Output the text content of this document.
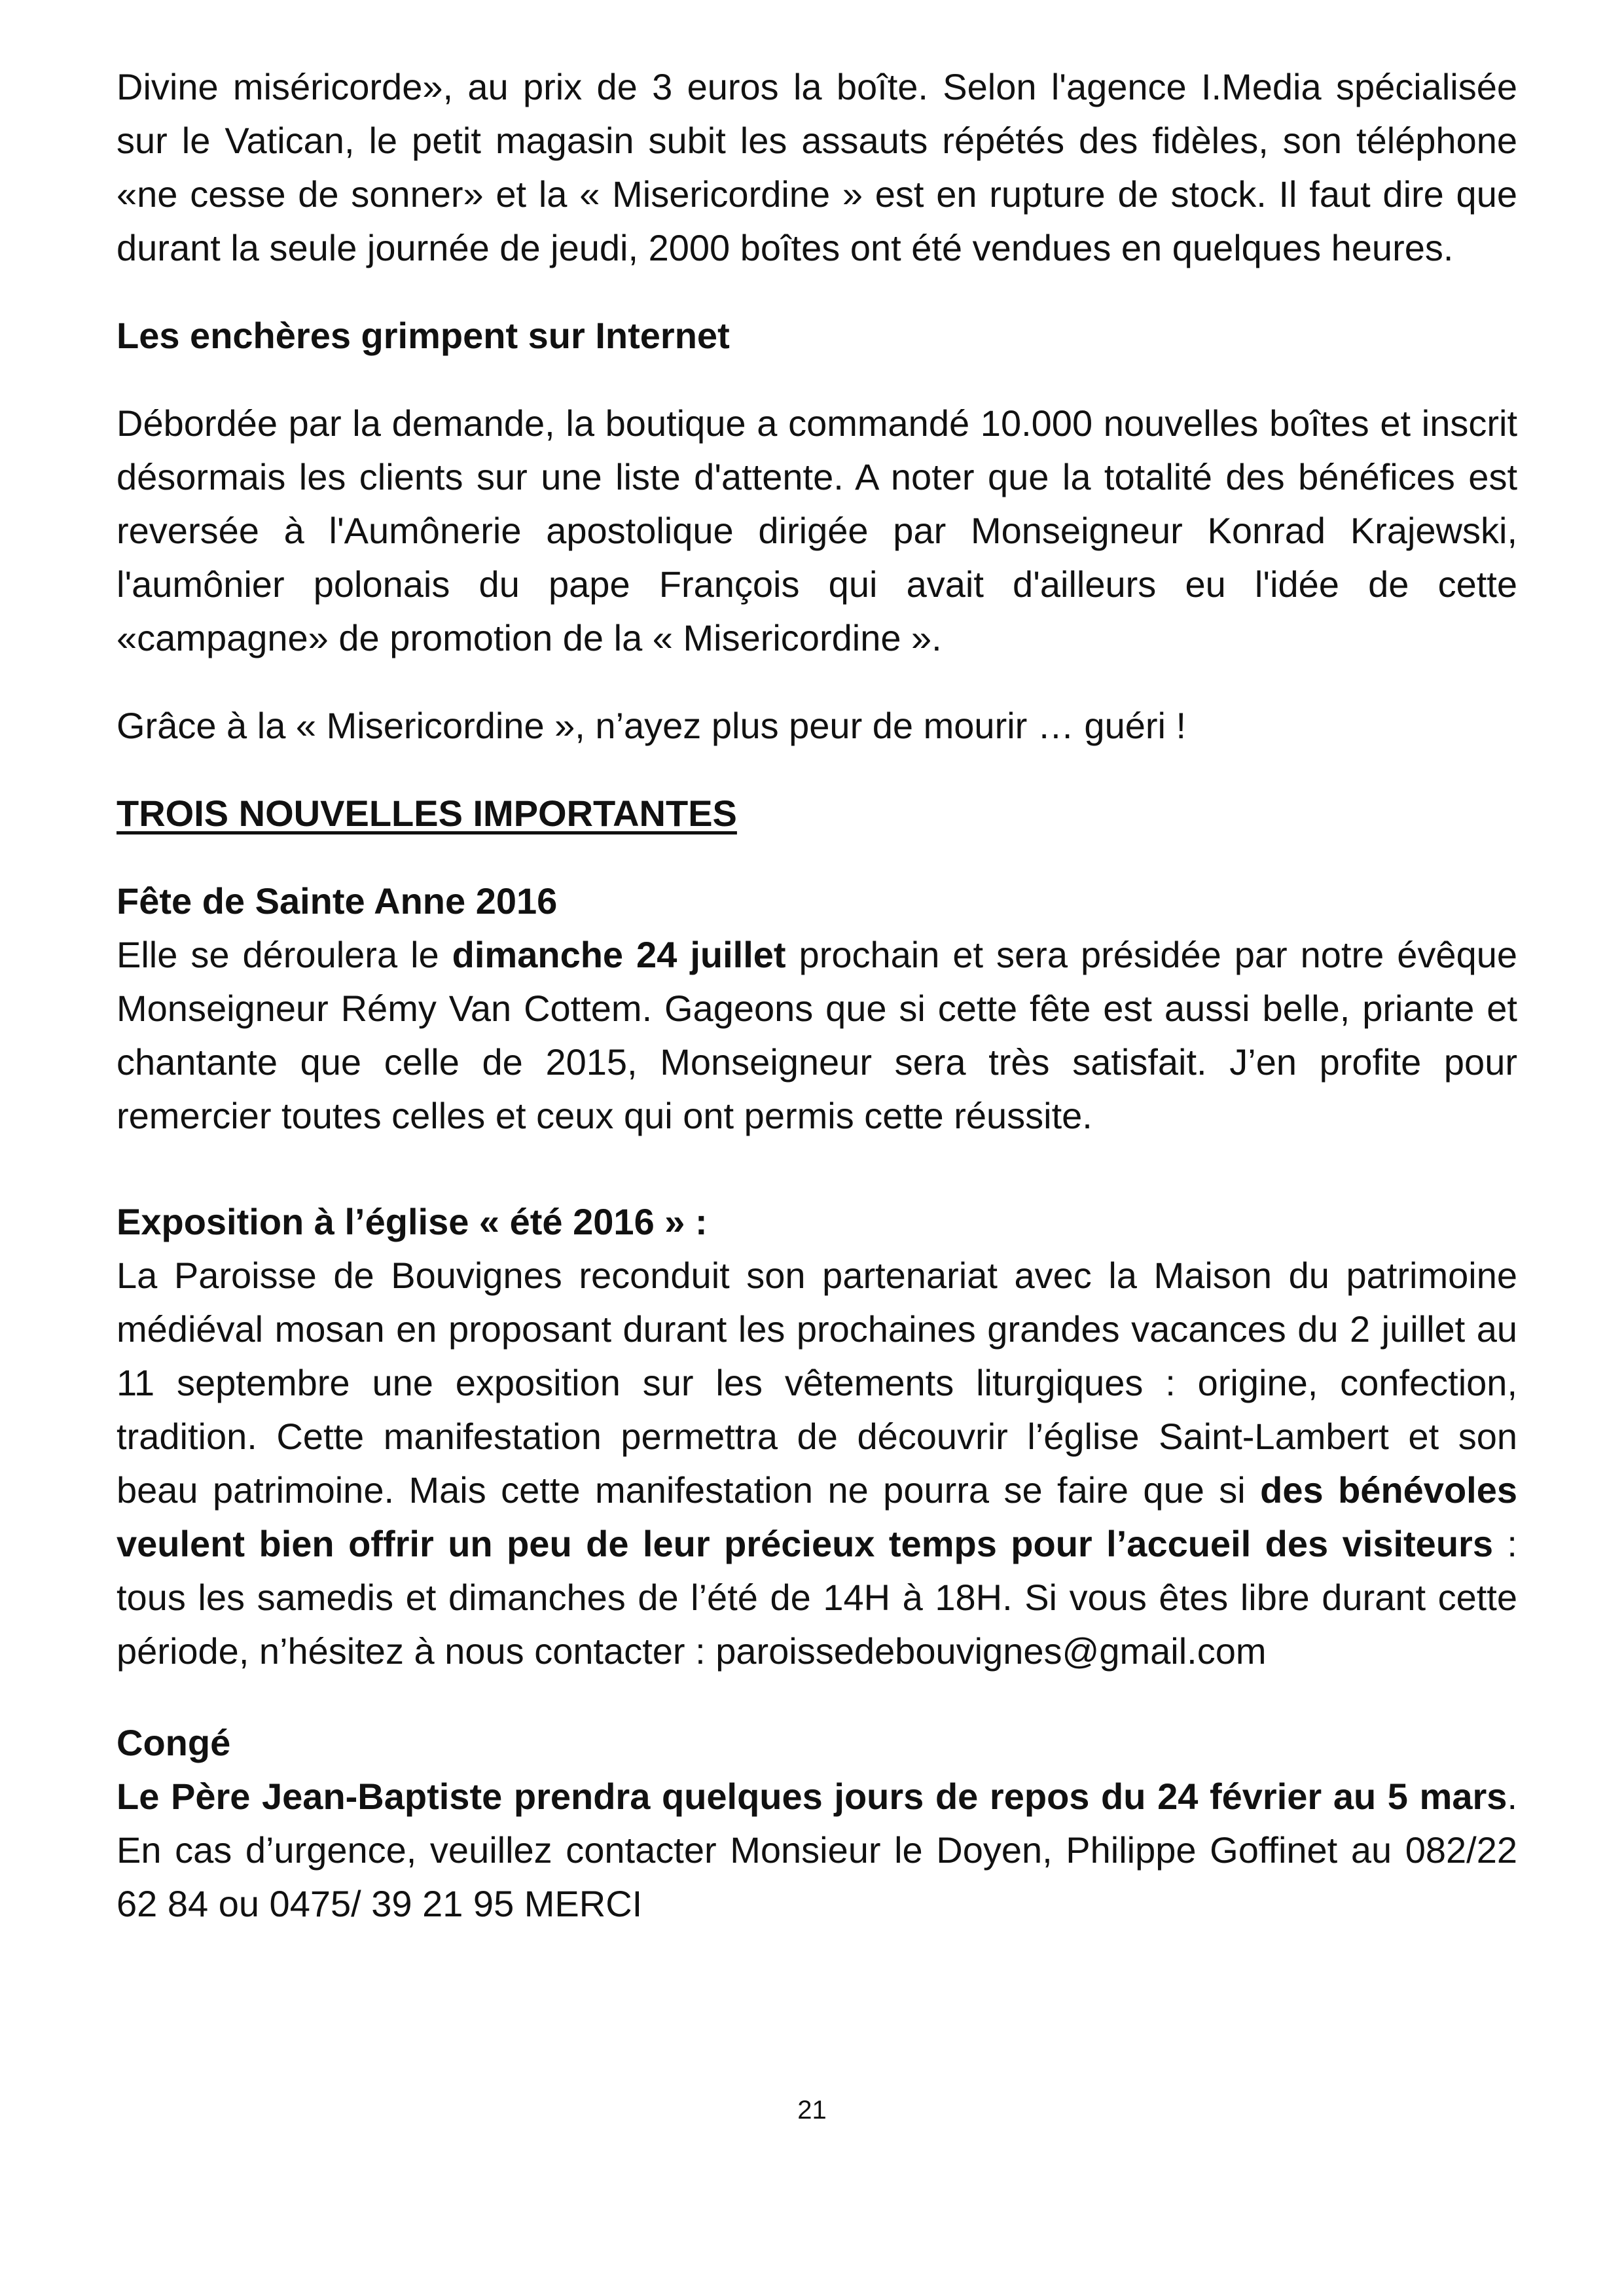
Divine miséricorde», au prix de 3 euros la boîte. Selon l'agence I.Media spécialisée sur le Vatican, le petit magasin subit les assauts répétés des fidèles, son téléphone «ne cesse de sonner» et la « Misericordine » est en rupture de stock. Il faut dire que durant la seule journée de jeudi, 2000 boîtes ont été vendues en quelques heures.

Les enchères grimpent sur Internet

Débordée par la demande, la boutique a commandé 10.000 nouvelles boîtes et inscrit désormais les clients sur une liste d'attente. A noter que la totalité des bénéfices est reversée à l'Aumônerie apostolique dirigée par Monseigneur Konrad Krajewski, l'aumônier polonais du pape François qui avait d'ailleurs eu l'idée de cette «campagne» de promotion de la « Misericordine ».

Grâce à la « Misericordine », n’ayez plus peur de mourir … guéri !

TROIS NOUVELLES IMPORTANTES

Fête de Sainte Anne 2016

Elle se déroulera le dimanche 24 juillet prochain et sera présidée par notre évêque Monseigneur Rémy Van Cottem. Gageons que si cette fête est aussi belle, priante et chantante que celle de 2015, Monseigneur sera très satisfait. J’en profite pour remercier toutes celles et ceux qui ont permis cette réussite.

Exposition à l’église « été 2016 » :

La Paroisse de Bouvignes reconduit son partenariat avec la Maison du patrimoine médiéval mosan en proposant durant les prochaines grandes vacances du 2 juillet au 11 septembre une exposition sur les vêtements liturgiques : origine, confection, tradition. Cette manifestation permettra de découvrir l’église Saint-Lambert et son beau patrimoine. Mais cette manifestation ne pourra se faire que si des bénévoles veulent bien offrir un peu de leur précieux temps pour l’accueil des visiteurs : tous les samedis et dimanches de l’été de 14H à 18H. Si vous êtes libre durant cette période, n’hésitez à nous contacter : paroissedebouvignes@gmail.com

Congé

Le Père Jean-Baptiste prendra quelques jours de repos du 24 février au 5 mars. En cas d’urgence, veuillez contacter Monsieur le Doyen, Philippe Goffinet au 082/22 62 84 ou 0475/ 39 21 95 MERCI

21
